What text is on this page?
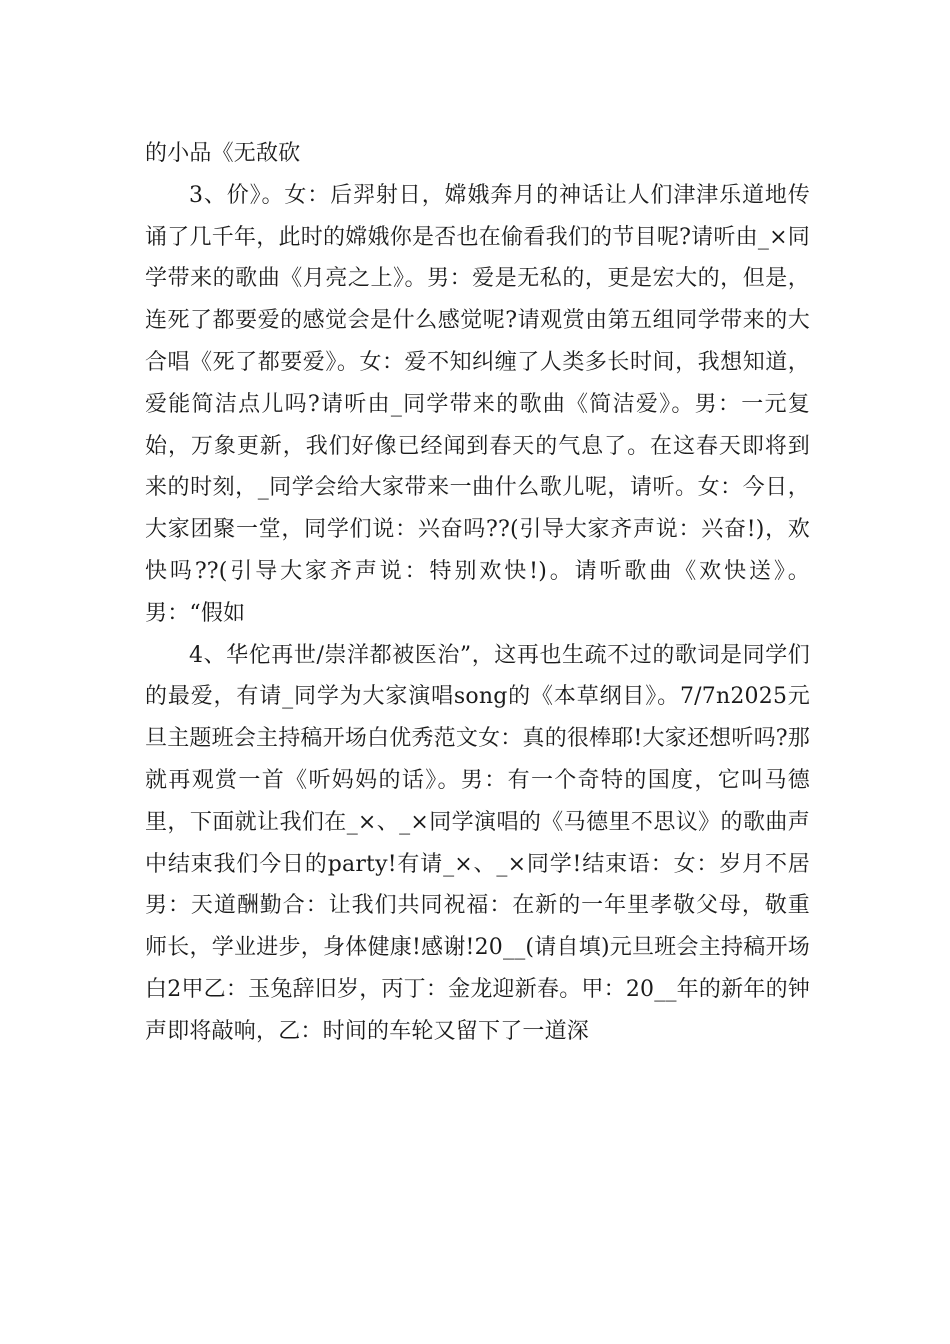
的小品《无敌砍

3、价》。女：后羿射日，嫦娥奔月的神话让人们津津乐道地传诵了几千年，此时的嫦娥你是否也在偷看我们的节目呢?请听由_×同学带来的歌曲《月亮之上》。男：爱是无私的，更是宏大的，但是，连死了都要爱的感觉会是什么感觉呢?请观赏由第五组同学带来的大合唱《死了都要爱》。女：爱不知纠缠了人类多长时间，我想知道，爱能简洁点儿吗?请听由_同学带来的歌曲《简洁爱》。男：一元复始，万象更新，我们好像已经闻到春天的气息了。在这春天即将到来的时刻，_同学会给大家带来一曲什么歌儿呢，请听。女：今日，大家团聚一堂，同学们说：兴奋吗??(引导大家齐声说：兴奋!)，欢快吗??(引导大家齐声说：特别欢快!)。请听歌曲《欢快送》。男：“假如

4、华佗再世/崇洋都被医治”，这再也生疏不过的歌词是同学们的最爱，有请_同学为大家演唱song的《本草纲目》。7/7n2025元旦主题班会主持稿开场白优秀范文女：真的很棒耶!大家还想听吗?那就再观赏一首《听妈妈的话》。男：有一个奇特的国度，它叫马德里，下面就让我们在_×、_×同学演唱的《马德里不思议》的歌曲声中结束我们今日的party!有请_×、_×同学!结束语：女：岁月不居男：天道酬勤合：让我们共同祝福：在新的一年里孝敬父母，敬重师长，学业进步，身体健康!感谢!20__(请自填)元旦班会主持稿开场白2甲乙：玉兔辞旧岁，丙丁：金龙迎新春。甲：20__年的新年的钟声即将敲响，乙：时间的车轮又留下了一道深
